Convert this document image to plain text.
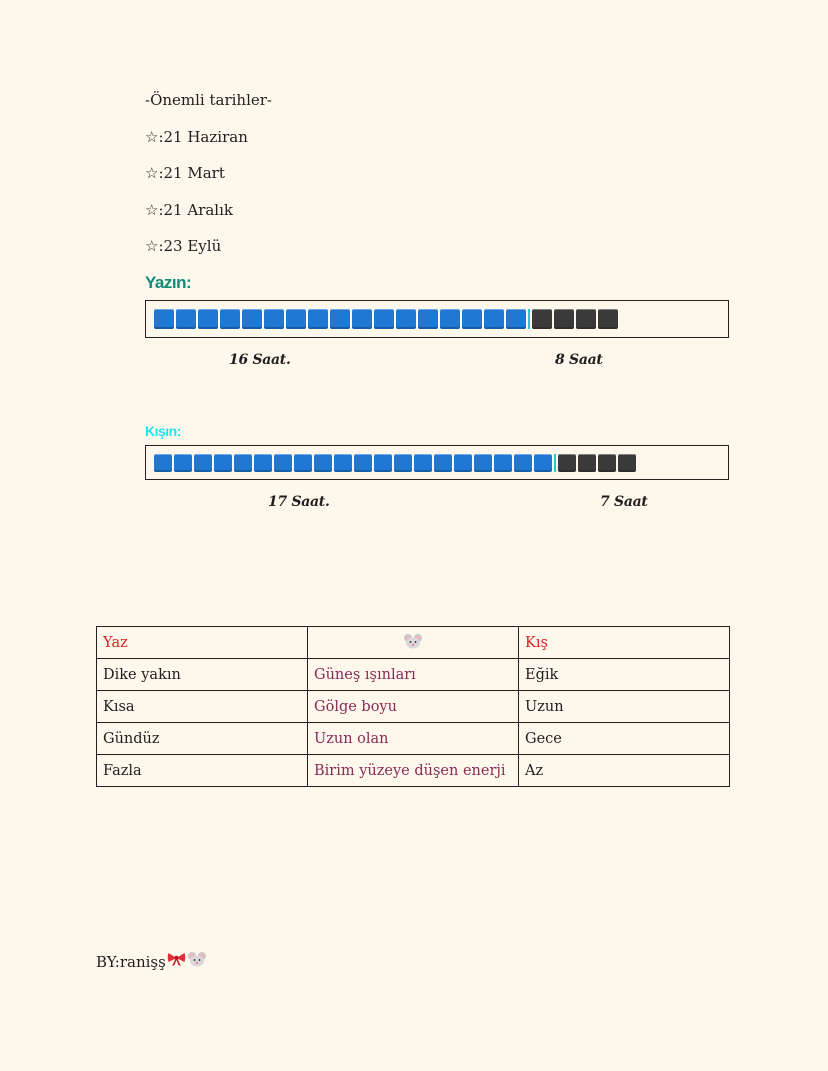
-Önemli tarihler-
☆:21 Haziran
☆:21 Mart
☆:21 Aralık
☆:23 Eylü
Yazın:
16 Saat.	8 Saat
Kışın:
17 Saat.	7 Saat
Yaz		Kış
Dike yakın	Güneş ışınları	Eğik
Kısa	Gölge boyu	Uzun
Gündüz	Uzun olan	Gece
Fazla	Birim yüzeye düşen enerji	Az
BY:ranişş
